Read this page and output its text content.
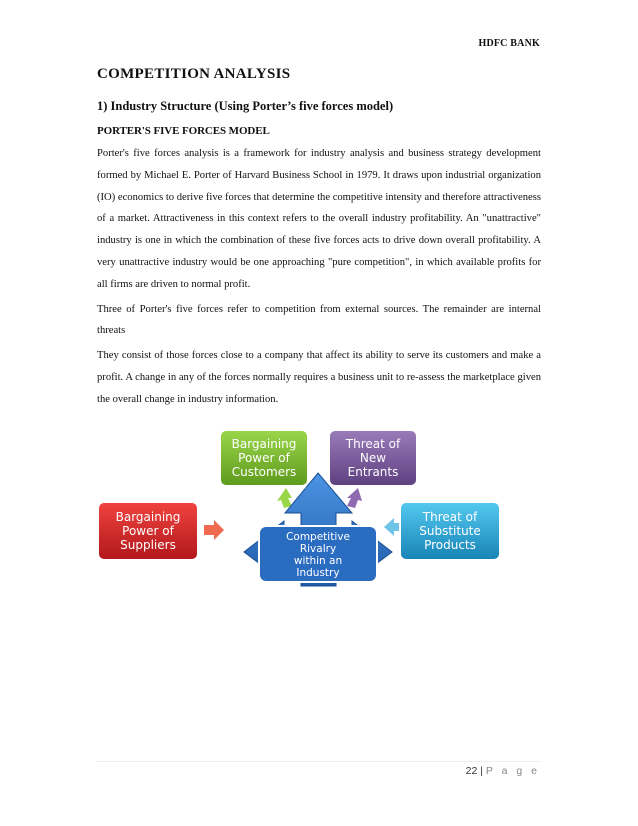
HDFC BANK
COMPETITION ANALYSIS
1) Industry Structure (Using Porter’s five forces model)
PORTER'S FIVE FORCES MODEL

Porter's five forces analysis is a framework for industry analysis and business strategy development formed by Michael E. Porter of Harvard Business School in 1979. It draws upon industrial organization (IO) economics to derive five forces that determine the competitive intensity and therefore attractiveness of a market. Attractiveness in this context refers to the overall industry profitability. An "unattractive" industry is one in which the combination of these five forces acts to drive down overall profitability. A very unattractive industry would be one approaching "pure competition", in which available profits for all firms are driven to normal profit.

Three of Porter's five forces refer to competition from external sources. The remainder are internal threats

They consist of those forces close to a company that affect its ability to serve its customers and make a profit. A change in any of the forces normally requires a business unit to re-assess the marketplace given the overall change in industry information.

Competitive
Rivalry
within an
Industry
Bargaining
Power of
Customers
Threat of
New
Entrants
Bargaining
Power of
Suppliers
Threat of
Substitute
Products
22 | P a g e
